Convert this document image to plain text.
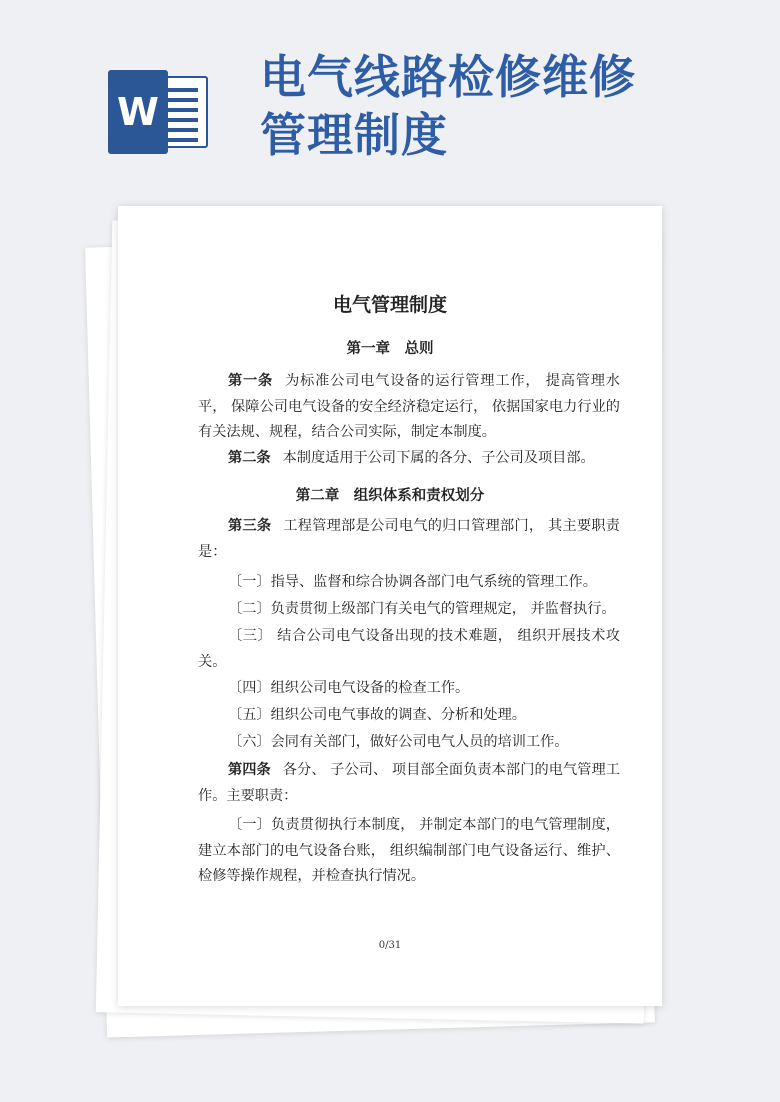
W
电气线路检修维修
管理制度
电气管理制度
第一章　总则
第一条 为标准公司电气设备的运行管理工作， 提高管理水平， 保障公司电气设备的安全经济稳定运行， 依据国家电力行业的有关法规、规程，结合公司实际，制定本制度。
第二条 本制度适用于公司下属的各分、子公司及项目部。
第二章　组织体系和责权划分
第三条 工程管理部是公司电气的归口管理部门， 其主要职责是：
〔一〕指导、监督和综合协调各部门电气系统的管理工作。
〔二〕负责贯彻上级部门有关电气的管理规定， 并监督执行。
〔三〕 结合公司电气设备出现的技术难题， 组织开展技术攻关。
〔四〕组织公司电气设备的检查工作。
〔五〕组织公司电气事故的调查、分析和处理。
〔六〕会同有关部门，做好公司电气人员的培训工作。
第四条 各分、 子公司、 项目部全面负责本部门的电气管理工作。主要职责：
〔一〕负责贯彻执行本制度， 并制定本部门的电气管理制度，建立本部门的电气设备台账， 组织编制部门电气设备运行、维护、检修等操作规程，并检查执行情况。
0/31
